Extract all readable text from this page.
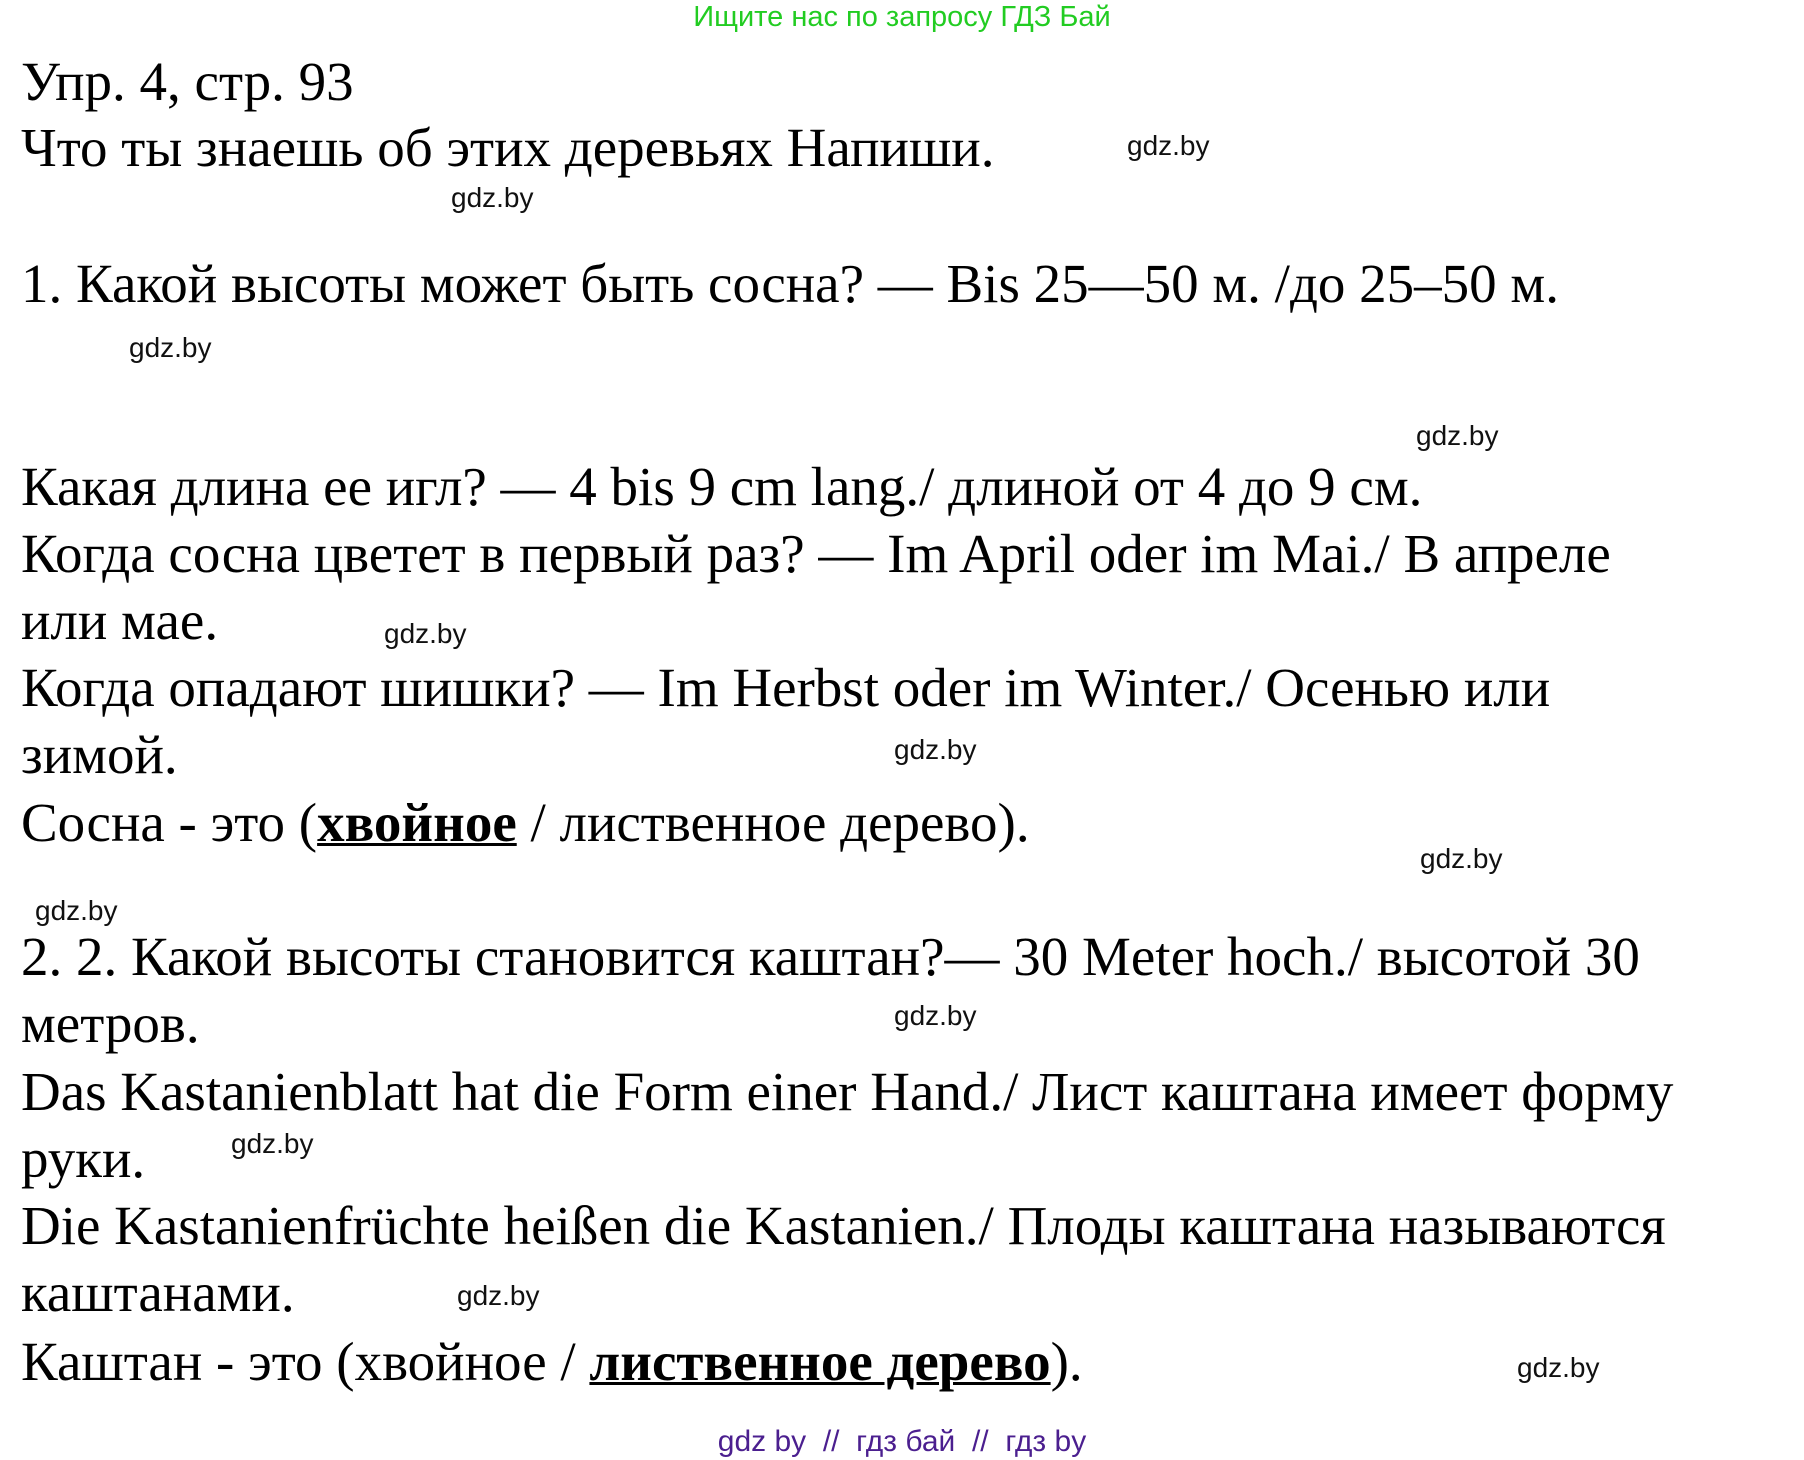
Ищите нас по запросу ГДЗ Бай
Упр. 4, стр. 93
Что ты знаешь об этих деревьях Напиши.
1. Какой высоты может быть сосна? — Bis 25—50 м. /до 25–50 м.
Какая длина ее игл? — 4 bis 9 cm lang./ длиной от 4 до 9 см.
Когда сосна цветет в первый раз? — Im April oder im Mai./ В апреле
или мае.
Когда опадают шишки? — Im Herbst oder im Winter./ Осенью или
зимой.
Сосна - это (хвойное / лиственное дерево).
2. 2. Какой высоты становится каштан?— 30 Meter hoch./ высотой 30
метров.
Das Kastanienblatt hat die Form einer Hand./ Лист каштана имеет форму
руки.
Die Kastanienfrüchte heißen die Kastanien./ Плоды каштана называются
каштанами.
Каштан - это (хвойное / лиственное дерево).
gdz.by
gdz.by
gdz.by
gdz.by
gdz.by
gdz.by
gdz.by
gdz.by
gdz.by
gdz.by
gdz.by
gdz.by
gdz by  //  гдз бай  //  гдз by
